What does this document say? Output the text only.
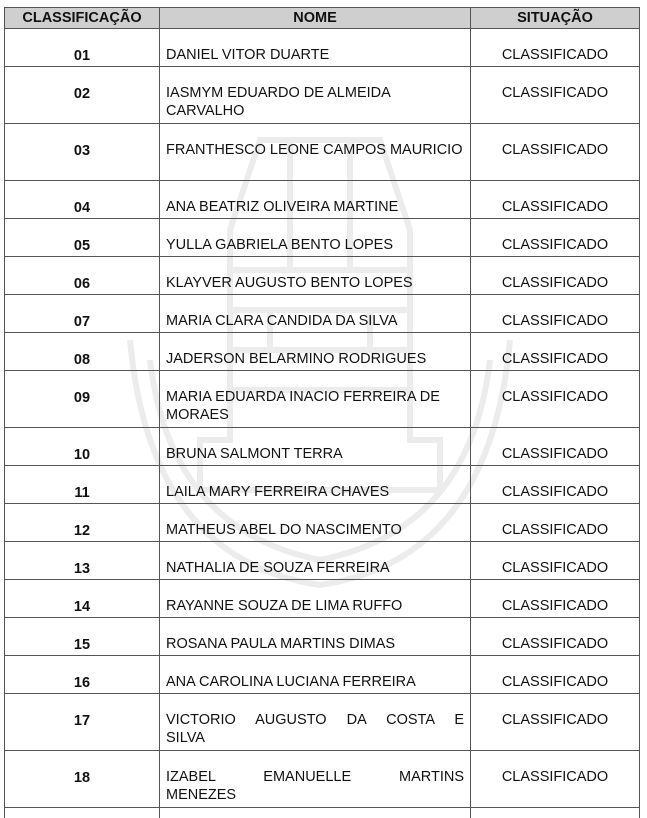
CLASSIFICAÇÃO	NOME	SITUAÇÃO

01	DANIEL VITOR DUARTE	CLASSIFICADO

02	IASMYM EDUARDO DE ALMEIDA CARVALHO	CLASSIFICADO

03	FRANTHESCO LEONE CAMPOS MAURICIO	CLASSIFICADO

04	ANA BEATRIZ OLIVEIRA MARTINE	CLASSIFICADO

05	YULLA GABRIELA BENTO LOPES	CLASSIFICADO

06	KLAYVER AUGUSTO BENTO LOPES	CLASSIFICADO

07	MARIA CLARA CANDIDA DA SILVA	CLASSIFICADO

08	JADERSON BELARMINO RODRIGUES	CLASSIFICADO

09	MARIA EDUARDA INACIO FERREIRA DE MORAES	CLASSIFICADO

10	BRUNA SALMONT TERRA	CLASSIFICADO

11	LAILA MARY FERREIRA CHAVES	CLASSIFICADO

12	MATHEUS ABEL DO NASCIMENTO	CLASSIFICADO

13	NATHALIA DE SOUZA FERREIRA	CLASSIFICADO

14	RAYANNE SOUZA DE LIMA RUFFO	CLASSIFICADO

15	ROSANA PAULA MARTINS DIMAS	CLASSIFICADO

16	ANA CAROLINA LUCIANA FERREIRA	CLASSIFICADO

17	VICTORIO AUGUSTO DA COSTA E
SILVA	CLASSIFICADO

18	IZABEL EMANUELLE MARTINS
MENEZES	CLASSIFICADO
